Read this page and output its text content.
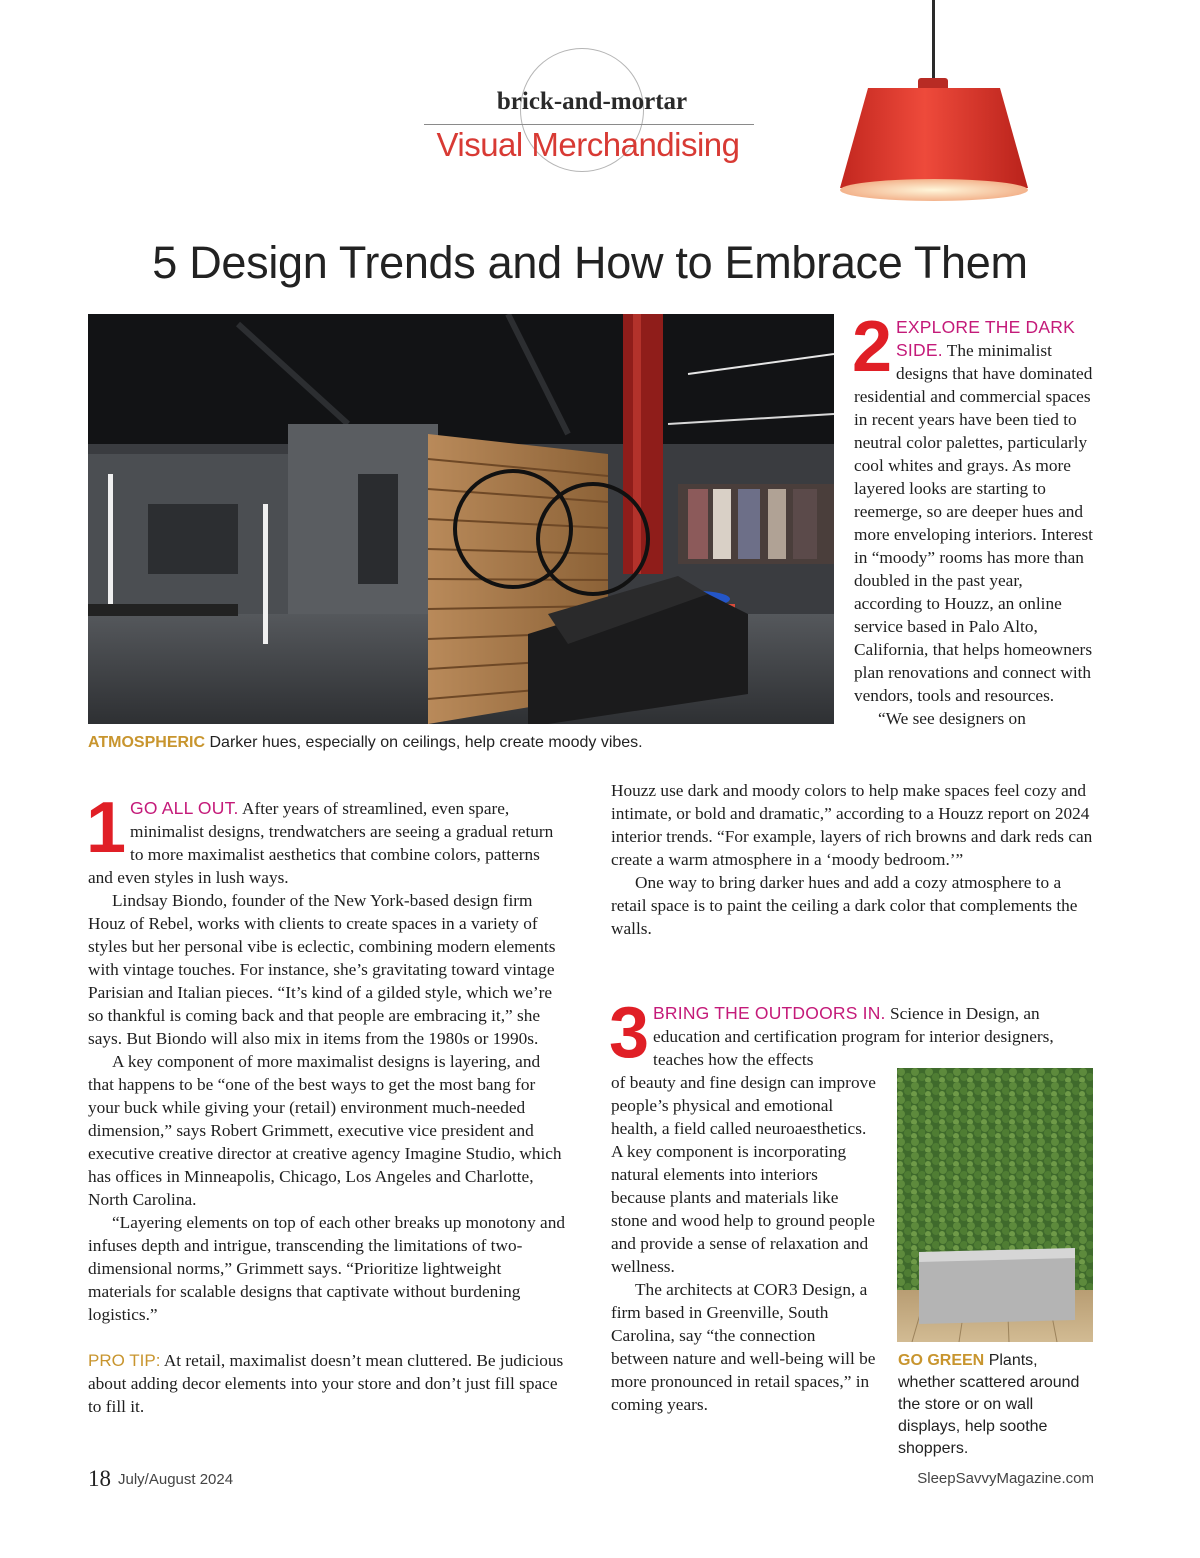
brick-and-mortar
Visual Merchandising
5 Design Trends and How to Embrace Them
ATMOSPHERIC Darker hues, especially on ceilings, help create moody vibes.

2 EXPLORE THE DARK SIDE. The minimalist designs that have dominated residential and commercial spaces in recent years have been tied to neutral color palettes, particularly cool whites and grays. As more layered looks are starting to reemerge, so are deeper hues and more enveloping interiors. Interest in “moody” rooms has more than doubled in the past year, according to Houzz, an online service based in Palo Alto, California, that helps homeowners plan renovations and connect with vendors, tools and resources.

“We see designers on

1 GO ALL OUT. After years of streamlined, even spare, minimalist designs, trendwatchers are seeing a gradual return to more maximalist aesthetics that combine colors, patterns and even styles in lush ways.

Lindsay Biondo, founder of the New York-based design firm Houz of Rebel, works with clients to create spaces in a variety of styles but her personal vibe is eclectic, combining modern elements with vintage touches. For instance, she’s gravitating toward vintage Parisian and Italian pieces. “It’s kind of a gilded style, which we’re so thankful is coming back and that people are embracing it,” she says. But Biondo will also mix in items from the 1980s or 1990s.

A key component of more maximalist designs is layering, and that happens to be “one of the best ways to get the most bang for your buck while giving your (retail) environment much-needed dimension,” says Robert Grimmett, executive vice president and executive creative director at creative agency Imagine Studio, which has offices in Minneapolis, Chicago, Los Angeles and Charlotte, North Carolina.

“Layering elements on top of each other breaks up monotony and infuses depth and intrigue, transcending the limitations of two-dimensional norms,” Grimmett says. “Prioritize lightweight materials for scalable designs that captivate without burdening logistics.”

PRO TIP: At retail, maximalist doesn’t mean cluttered. Be judicious about adding decor elements into your store and don’t just fill space to fill it.

Houzz use dark and moody colors to help make spaces feel cozy and intimate, or bold and dramatic,” according to a Houzz report on 2024 interior trends. “For example, layers of rich browns and dark reds can create a warm atmosphere in a ‘moody bedroom.’”

One way to bring darker hues and add a cozy atmosphere to a retail space is to paint the ceiling a dark color that complements the walls.

3 BRING THE OUTDOORS IN. Science in Design, an education and certification program for interior designers, teaches how the effects

of beauty and fine design can improve people’s physical and emotional health, a field called neuroaesthetics. A key component is incorporating natural elements into interiors because plants and materials like stone and wood help to ground people and provide a sense of relaxation and wellness.

The architects at COR3 Design, a firm based in Greenville, South Carolina, say “the connection between nature and well-being will be more pronounced in retail spaces,” in coming years.

GO GREEN Plants, whether scattered around the store or on wall displays, help soothe shoppers.
18 July/August 2024	SleepSavvyMagazine.com
